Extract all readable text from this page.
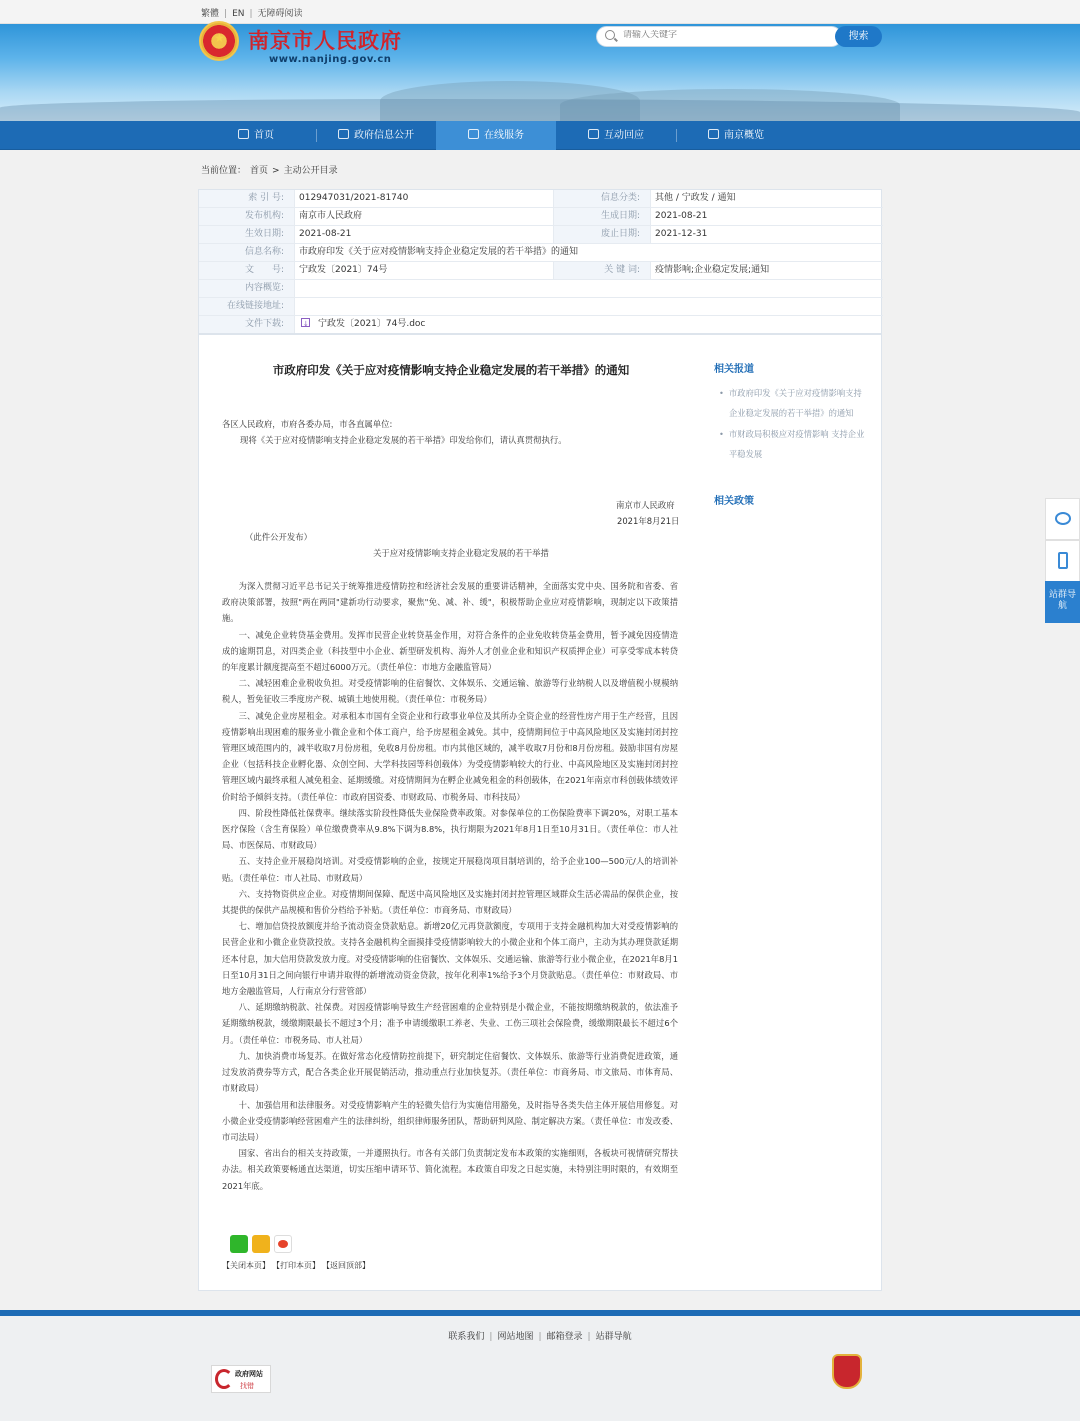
繁體 | EN | 无障碍阅读
★ 南京市人民政府
www.nanjing.gov.cn
请输入关键字
搜索
首页	政府信息公开	在线服务	互动回应	南京概览
当前位置： 首页 > 主动公开目录
索 引 号:	012947031/2021-81740	信息分类:	其他 / 宁政发 / 通知
发布机构:	南京市人民政府	生成日期:	2021-08-21
生效日期:	2021-08-21	废止日期:	2021-12-31
信息名称:	市政府印发《关于应对疫情影响支持企业稳定发展的若干举措》的通知
文　　号:	宁政发〔2021〕74号	关 键 词:	疫情影响;企业稳定发展;通知
内容概览:
在线链接地址:
文件下载:
↓	宁政发〔2021〕74号.doc
市政府印发《关于应对疫情影响支持企业稳定发展的若干举措》的通知
各区人民政府，市府各委办局，市各直属单位:
现将《关于应对疫情影响支持企业稳定发展的若干举措》印发给你们，请认真贯彻执行。
南京市人民政府
2021年8月21日
（此件公开发布）
关于应对疫情影响支持企业稳定发展的若干举措

为深入贯彻习近平总书记关于统筹推进疫情防控和经济社会发展的重要讲话精神，全面落实党中央、国务院和省委、省政府决策部署，按照"两在两同"建新功行动要求，聚焦"免、减、补、缓"，积极帮助企业应对疫情影响，现制定以下政策措施。

一、减免企业转贷基金费用。发挥市民营企业转贷基金作用，对符合条件的企业免收转贷基金费用，暂予减免因疫情造成的逾期罚息，对四类企业（科技型中小企业、新型研发机构、海外人才创业企业和知识产权质押企业）可享受零成本转贷的年度累计额度提高至不超过6000万元。（责任单位：市地方金融监管局）

二、减轻困难企业税收负担。对受疫情影响的住宿餐饮、文体娱乐、交通运输、旅游等行业纳税人以及增值税小规模纳税人，暂免征收三季度房产税、城镇土地使用税。（责任单位：市税务局）

三、减免企业房屋租金。对承租本市国有全资企业和行政事业单位及其所办全资企业的经营性房产用于生产经营，且因疫情影响出现困难的服务业小微企业和个体工商户，给予房屋租金减免。其中，疫情期间位于中高风险地区及实施封闭封控管理区域范围内的，减半收取7月份房租，免收8月份房租。市内其他区域的，减半收取7月份和8月份房租。鼓励非国有房屋企业（包括科技企业孵化器、众创空间、大学科技园等科创载体）为受疫情影响较大的行业、中高风险地区及实施封闭封控管理区域内最终承租人减免租金、延期缓缴。对疫情期间为在孵企业减免租金的科创载体，在2021年南京市科创载体绩效评价时给予倾斜支持。（责任单位：市政府国资委、市财政局、市税务局、市科技局）

四、阶段性降低社保费率。继续落实阶段性降低失业保险费率政策。对参保单位的工伤保险费率下调20%，对职工基本医疗保险（含生育保险）单位缴费费率从9.8%下调为8.8%，执行期限为2021年8月1日至10月31日。（责任单位：市人社局、市医保局、市财政局）

五、支持企业开展稳岗培训。对受疫情影响的企业，按规定开展稳岗项目制培训的，给予企业100—500元/人的培训补贴。（责任单位：市人社局、市财政局）

六、支持物资供应企业。对疫情期间保障、配送中高风险地区及实施封闭封控管理区域群众生活必需品的保供企业，按其提供的保供产品规模和售价分档给予补贴。（责任单位：市商务局、市财政局）

七、增加信贷投放额度并给予流动资金贷款贴息。新增20亿元再贷款额度，专项用于支持金融机构加大对受疫情影响的民营企业和小微企业贷款投放。支持各金融机构全面摸排受疫情影响较大的小微企业和个体工商户，主动为其办理贷款延期还本付息，加大信用贷款发放力度。对受疫情影响的住宿餐饮、文体娱乐、交通运输、旅游等行业小微企业，在2021年8月1日至10月31日之间向银行申请并取得的新增流动资金贷款，按年化利率1%给予3个月贷款贴息。（责任单位：市财政局、市地方金融监管局，人行南京分行营管部）

八、延期缴纳税款、社保费。对因疫情影响导致生产经营困难的企业特别是小微企业，不能按期缴纳税款的，依法准予延期缴纳税款，缓缴期限最长不超过3个月；准予申请缓缴职工养老、失业、工伤三项社会保险费，缓缴期限最长不超过6个月。（责任单位：市税务局、市人社局）

九、加快消费市场复苏。在做好常态化疫情防控前提下，研究制定住宿餐饮、文体娱乐、旅游等行业消费促进政策，通过发放消费券等方式，配合各类企业开展促销活动，推动重点行业加快复苏。（责任单位：市商务局、市文旅局、市体育局、市财政局）

十、加强信用和法律服务。对受疫情影响产生的轻微失信行为实施信用豁免，及时指导各类失信主体开展信用修复。对小微企业受疫情影响经营困难产生的法律纠纷，组织律师服务团队，帮助研判风险、制定解决方案。（责任单位：市发改委、市司法局）

国家、省出台的相关支持政策，一并遵照执行。市各有关部门负责制定发布本政策的实施细则，各板块可视情研究帮扶办法。相关政策要畅通直达渠道，切实压缩申请环节、简化流程。本政策自印发之日起实施，未特别注明时限的，有效期至2021年底。

【关闭本页】 【打印本页】 【返回顶部】
相关报道
• 市政府印发《关于应对疫情影响支持企业稳定发展的若干举措》的通知
• 市财政局积极应对疫情影响 支持企业平稳发展
相关政策
站群导航
联系我们 | 网站地图 | 邮箱登录 | 站群导航
政府网站
找错
